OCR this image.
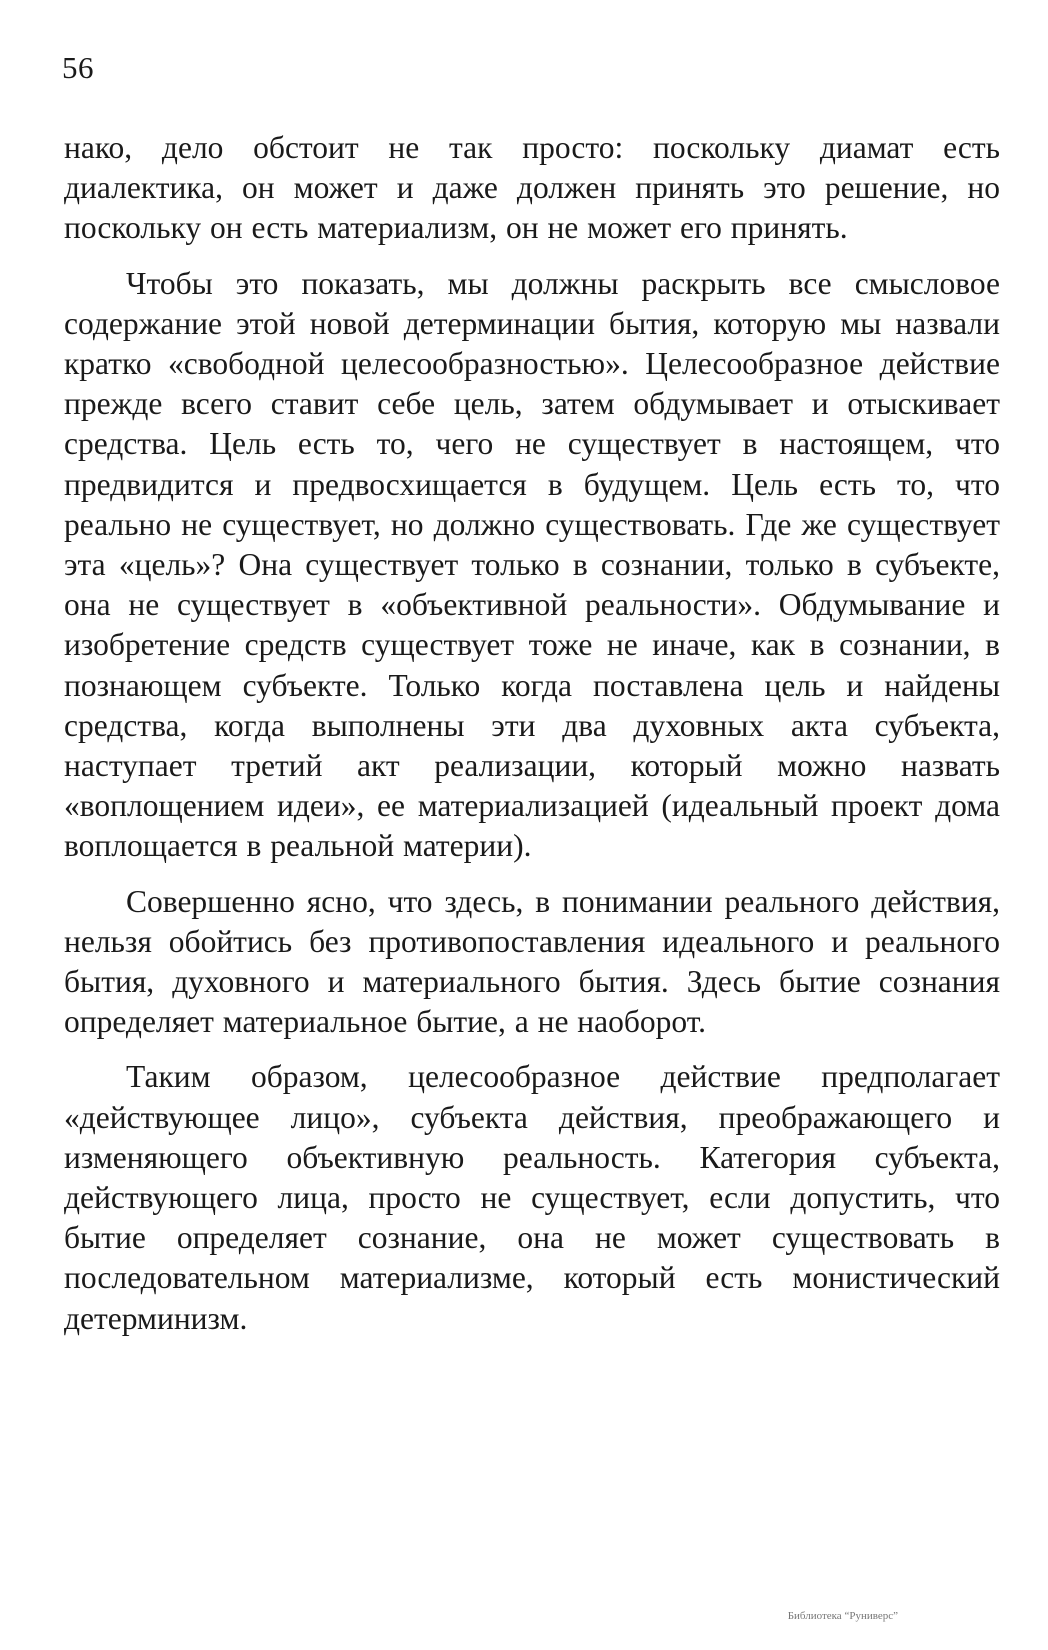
56

нако, дело обстоит не так просто: поскольку диамат есть диалектика, он может и даже должен принять это решение, но поскольку он есть материализм, он не может его принять.

Чтобы это показать, мы должны раскрыть все смысловое содержание этой новой детерминации бытия, которую мы назвали кратко «свободной целесообразностью». Целесообразное действие прежде всего ставит себе цель, затем обдумывает и отыскивает средства. Цель есть то, чего не существует в настоящем, что предвидится и предвосхищается в будущем. Цель есть то, что реально не существует, но должно существовать. Где же существует эта «цель»? Она существует только в сознании, только в субъекте, она не существует в «объективной реальности». Обдумывание и изобретение средств существует тоже не иначе, как в сознании, в познающем субъекте. Только когда поставлена цель и найдены средства, когда выполнены эти два духовных акта субъекта, наступает третий акт реализации, который можно назвать «воплощением идеи», ее материализацией (идеальный проект дома воплощается в реальной материи).

Совершенно ясно, что здесь, в понимании реального действия, нельзя обойтись без противопоставления идеального и реального бытия, духовного и материального бытия. Здесь бытие сознания определяет материальное бытие, а не наоборот.

Таким образом, целесообразное действие предполагает «действующее лицо», субъекта действия, преображающего и изменяющего объективную реальность. Категория субъекта, действующего лица, просто не существует, если допустить, что бытие определяет сознание, она не может существовать в последовательном материализме, который есть монистический детерминизм.

Библиотека “Руниверс”
